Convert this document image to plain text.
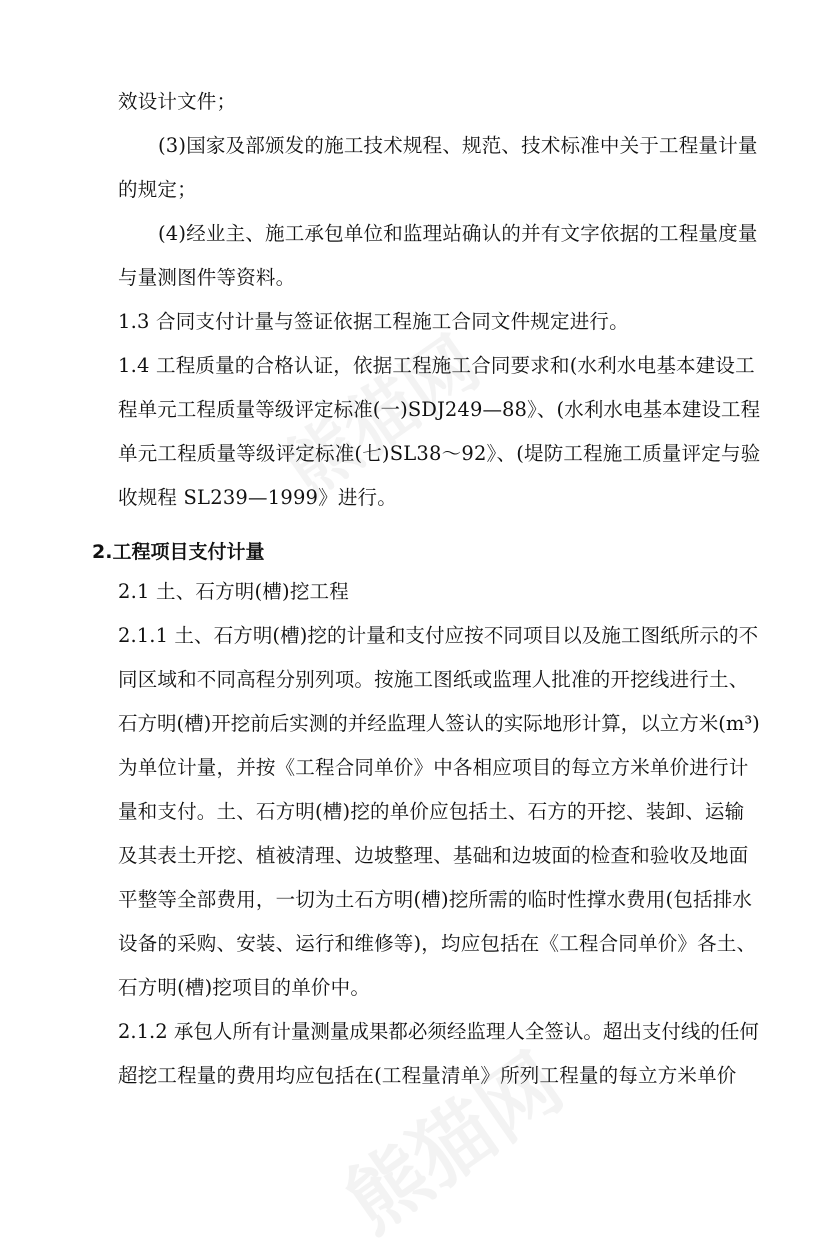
效设计文件；
(3)国家及部颁发的施工技术规程、规范、技术标准中关于工程量计量
的规定；
(4)经业主、施工承包单位和监理站确认的并有文字依据的工程量度量
与量测图件等资料。
1.3 合同支付计量与签证依据工程施工合同文件规定进行。
1.4 工程质量的合格认证，依据工程施工合同要求和(水利水电基本建设工
程单元工程质量等级评定标准(一)SDJ249—88》、(水利水电基本建设工程
单元工程质量等级评定标准(七)SL38～92》、(堤防工程施工质量评定与验
收规程 SL239—1999》进行。
2.工程项目支付计量
2.1 土、石方明(槽)挖工程
2.1.1 土、石方明(槽)挖的计量和支付应按不同项目以及施工图纸所示的不
同区域和不同高程分别列项。按施工图纸或监理人批准的开挖线进行土、
石方明(槽)开挖前后实测的并经监理人签认的实际地形计算，以立方米(m³)
为单位计量，并按《工程合同单价》中各相应项目的每立方米单价进行计
量和支付。土、石方明(槽)挖的单价应包括土、石方的开挖、装卸、运输
及其表土开挖、植被清理、边坡整理、基础和边坡面的检查和验收及地面
平整等全部费用，一切为土石方明(槽)挖所需的临时性撑水费用(包括排水
设备的采购、安装、运行和维修等)，均应包括在《工程合同单价》各土、
石方明(槽)挖项目的单价中。
2.1.2 承包人所有计量测量成果都必须经监理人全签认。超出支付线的任何
超挖工程量的费用均应包括在(工程量清单》所列工程量的每立方米单价
